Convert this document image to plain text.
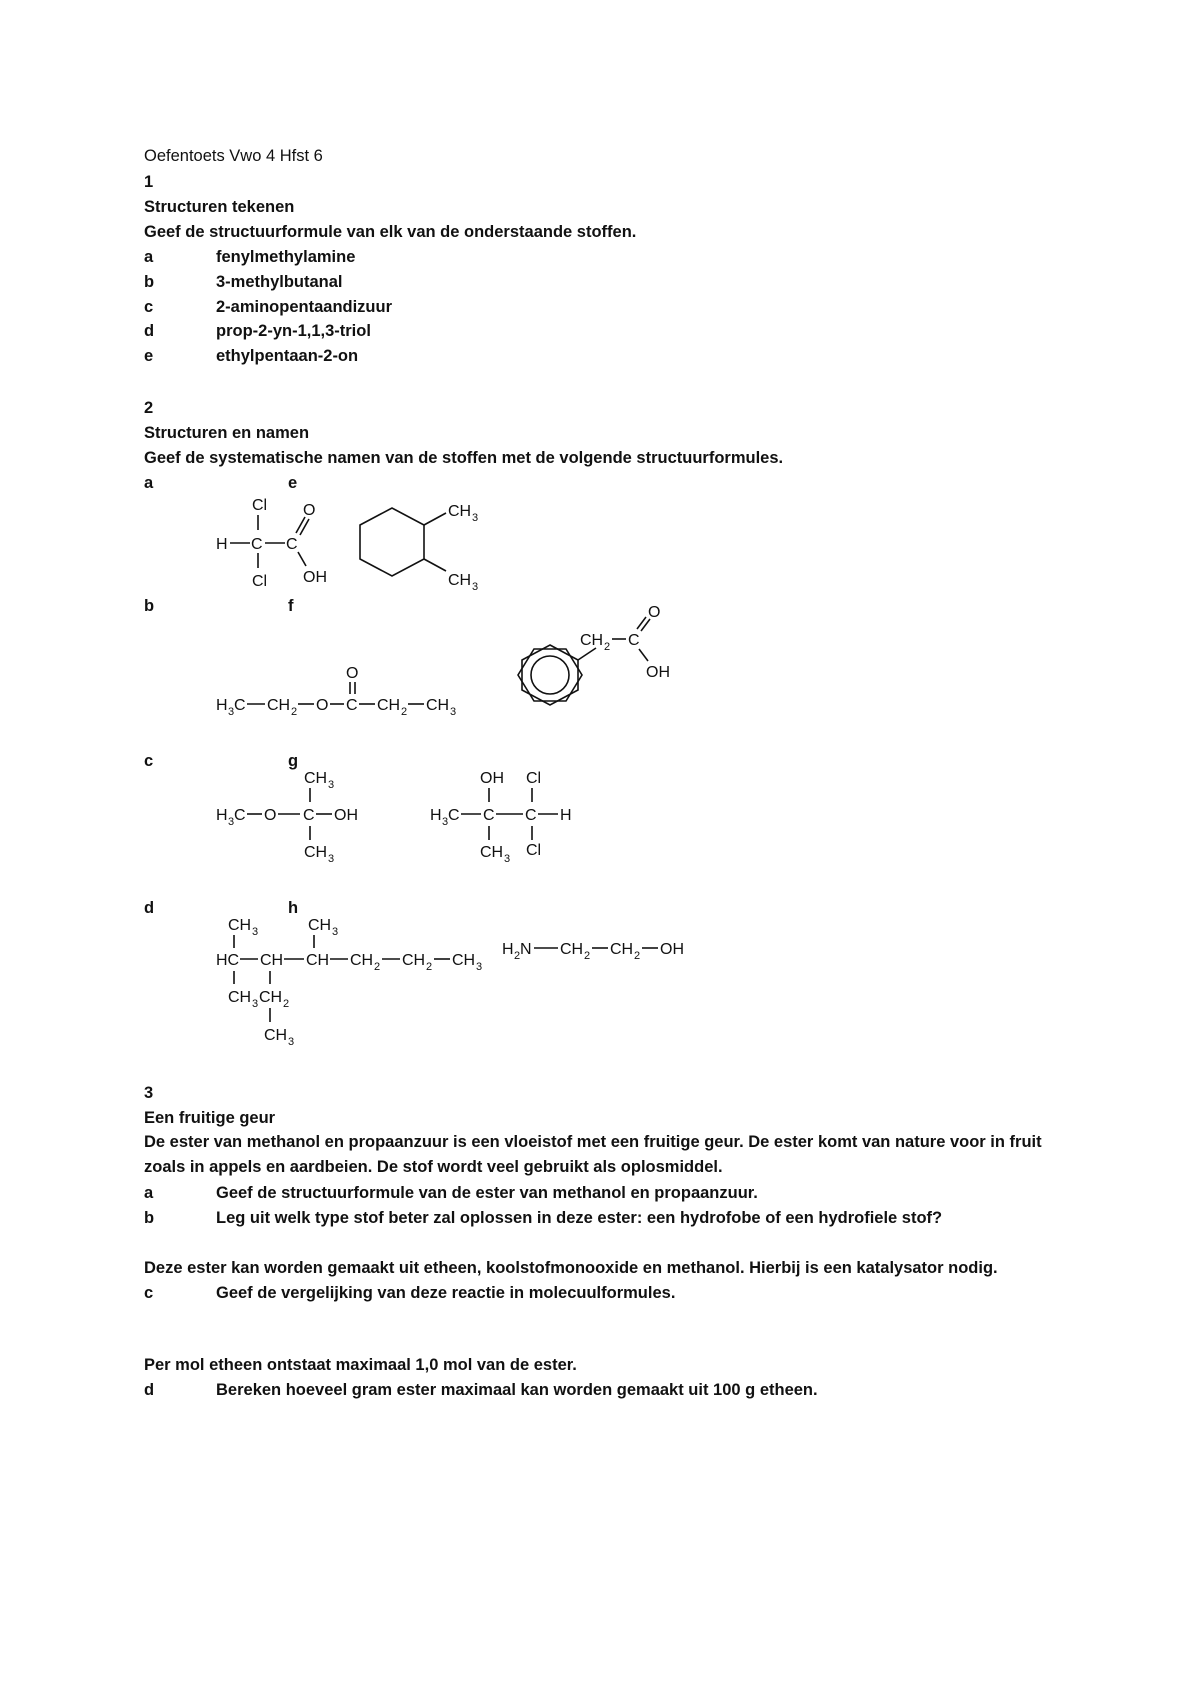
Oefentoets Vwo 4 Hfst 6
1
Structuren tekenen
Geef de structuurformule van elk van de onderstaande stoffen.
a	fenylmethylamine
b	3-methylbutanal
c	2-aminopentaandizuur
d	prop-2-yn-1,1,3-triol
e	ethylpentaan-2-on
2
Structuren en namen
Geef de systematische namen van de stoffen met de volgende structuurformules.
a	e
b	f
c	g
d	h
Cl
H C
Cl
C
O
OH
CH 3
CH 3
H 3 C CH 2 O C
O
CH 2 CH 3
CH 2 C
O
OH
CH 3
H 3 C O C OH
CH 3
OH Cl
H 3 C C C H
CH 3 Cl
CH 3	CH 3
HC CH CH CH 2 CH 2 CH 3
CH 3 CH 2
CH 3
H 2 N CH 2 CH 2 OH
3
Een fruitige geur
De ester van methanol en propaanzuur is een vloeistof met een fruitige geur. De ester komt van nature voor in fruit zoals in appels en aardbeien. De stof wordt veel gebruikt als oplosmiddel.
a	Geef de structuurformule van de ester van methanol en propaanzuur.
b	Leg uit welk type stof beter zal oplossen in deze ester: een hydrofobe of een hydrofiele stof?
Deze ester kan worden gemaakt uit etheen, koolstofmonooxide en methanol. Hierbij is een katalysator nodig.
c	Geef de vergelijking van deze reactie in molecuulformules.
Per mol etheen ontstaat maximaal 1,0 mol van de ester.
d	Bereken hoeveel gram ester maximaal kan worden gemaakt uit 100 g etheen.
